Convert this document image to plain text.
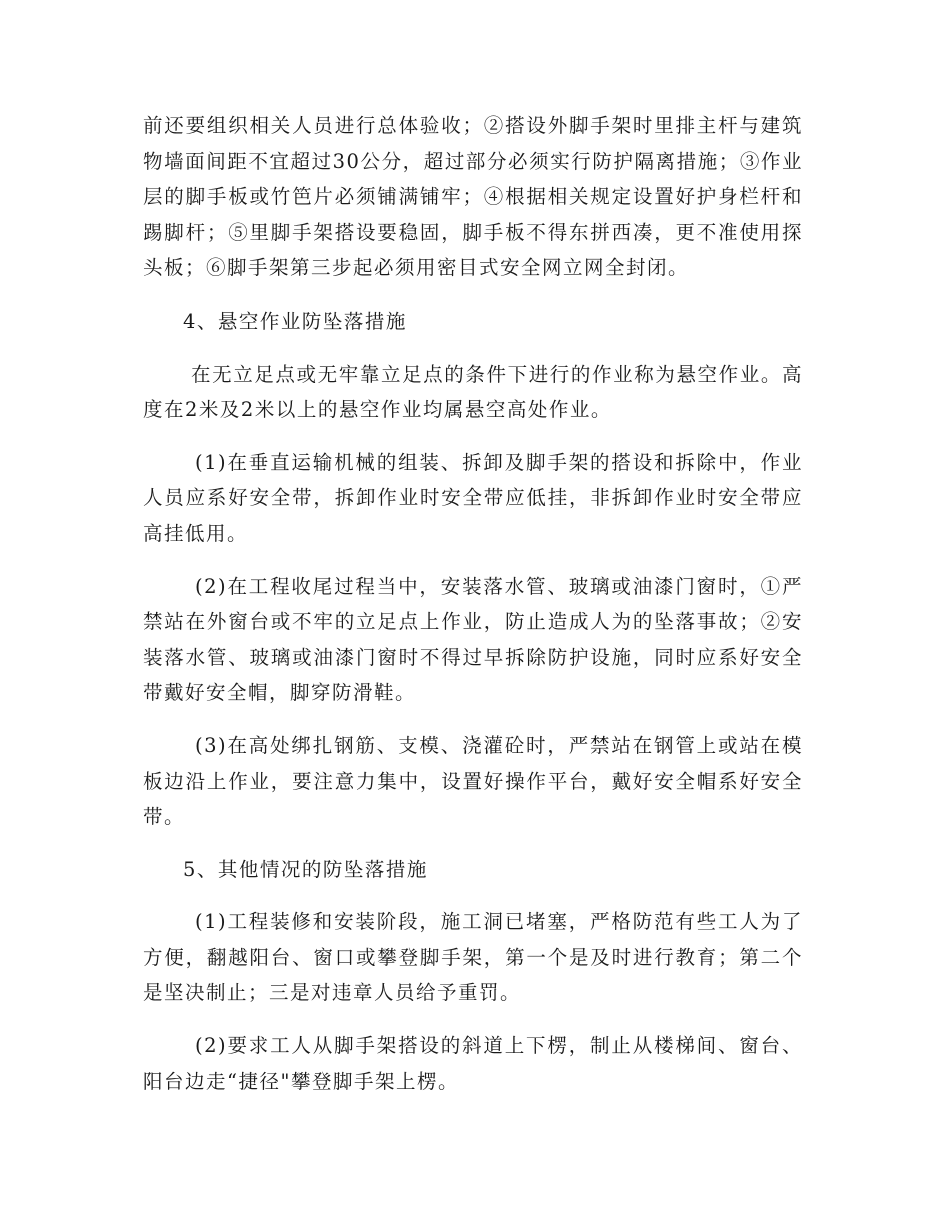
前还要组织相关人员进行总体验收；②搭设外脚手架时里排主杆与建筑物墙面间距不宜超过30公分，超过部分必须实行防护隔离措施；③作业层的脚手板或竹笆片必须铺满铺牢；④根据相关规定设置好护身栏杆和踢脚杆；⑤里脚手架搭设要稳固，脚手板不得东拼西凑，更不准使用探头板；⑥脚手架第三步起必须用密目式安全网立网全封闭。

4、悬空作业防坠落措施

在无立足点或无牢靠立足点的条件下进行的作业称为悬空作业。高度在2米及2米以上的悬空作业均属悬空高处作业。

(1)在垂直运输机械的组装、拆卸及脚手架的搭设和拆除中，作业人员应系好安全带，拆卸作业时安全带应低挂，非拆卸作业时安全带应高挂低用。

(2)在工程收尾过程当中，安装落水管、玻璃或油漆门窗时，①严禁站在外窗台或不牢的立足点上作业，防止造成人为的坠落事故；②安装落水管、玻璃或油漆门窗时不得过早拆除防护设施，同时应系好安全带戴好安全帽，脚穿防滑鞋。

(3)在高处绑扎钢筋、支模、浇灌砼时，严禁站在钢管上或站在模板边沿上作业，要注意力集中，设置好操作平台，戴好安全帽系好安全带。

5、其他情况的防坠落措施

(1)工程装修和安装阶段，施工洞已堵塞，严格防范有些工人为了方便，翻越阳台、窗口或攀登脚手架，第一个是及时进行教育；第二个是坚决制止；三是对违章人员给予重罚。

(2)要求工人从脚手架搭设的斜道上下楞，制止从楼梯间、窗台、阳台边走“捷径"攀登脚手架上楞。
